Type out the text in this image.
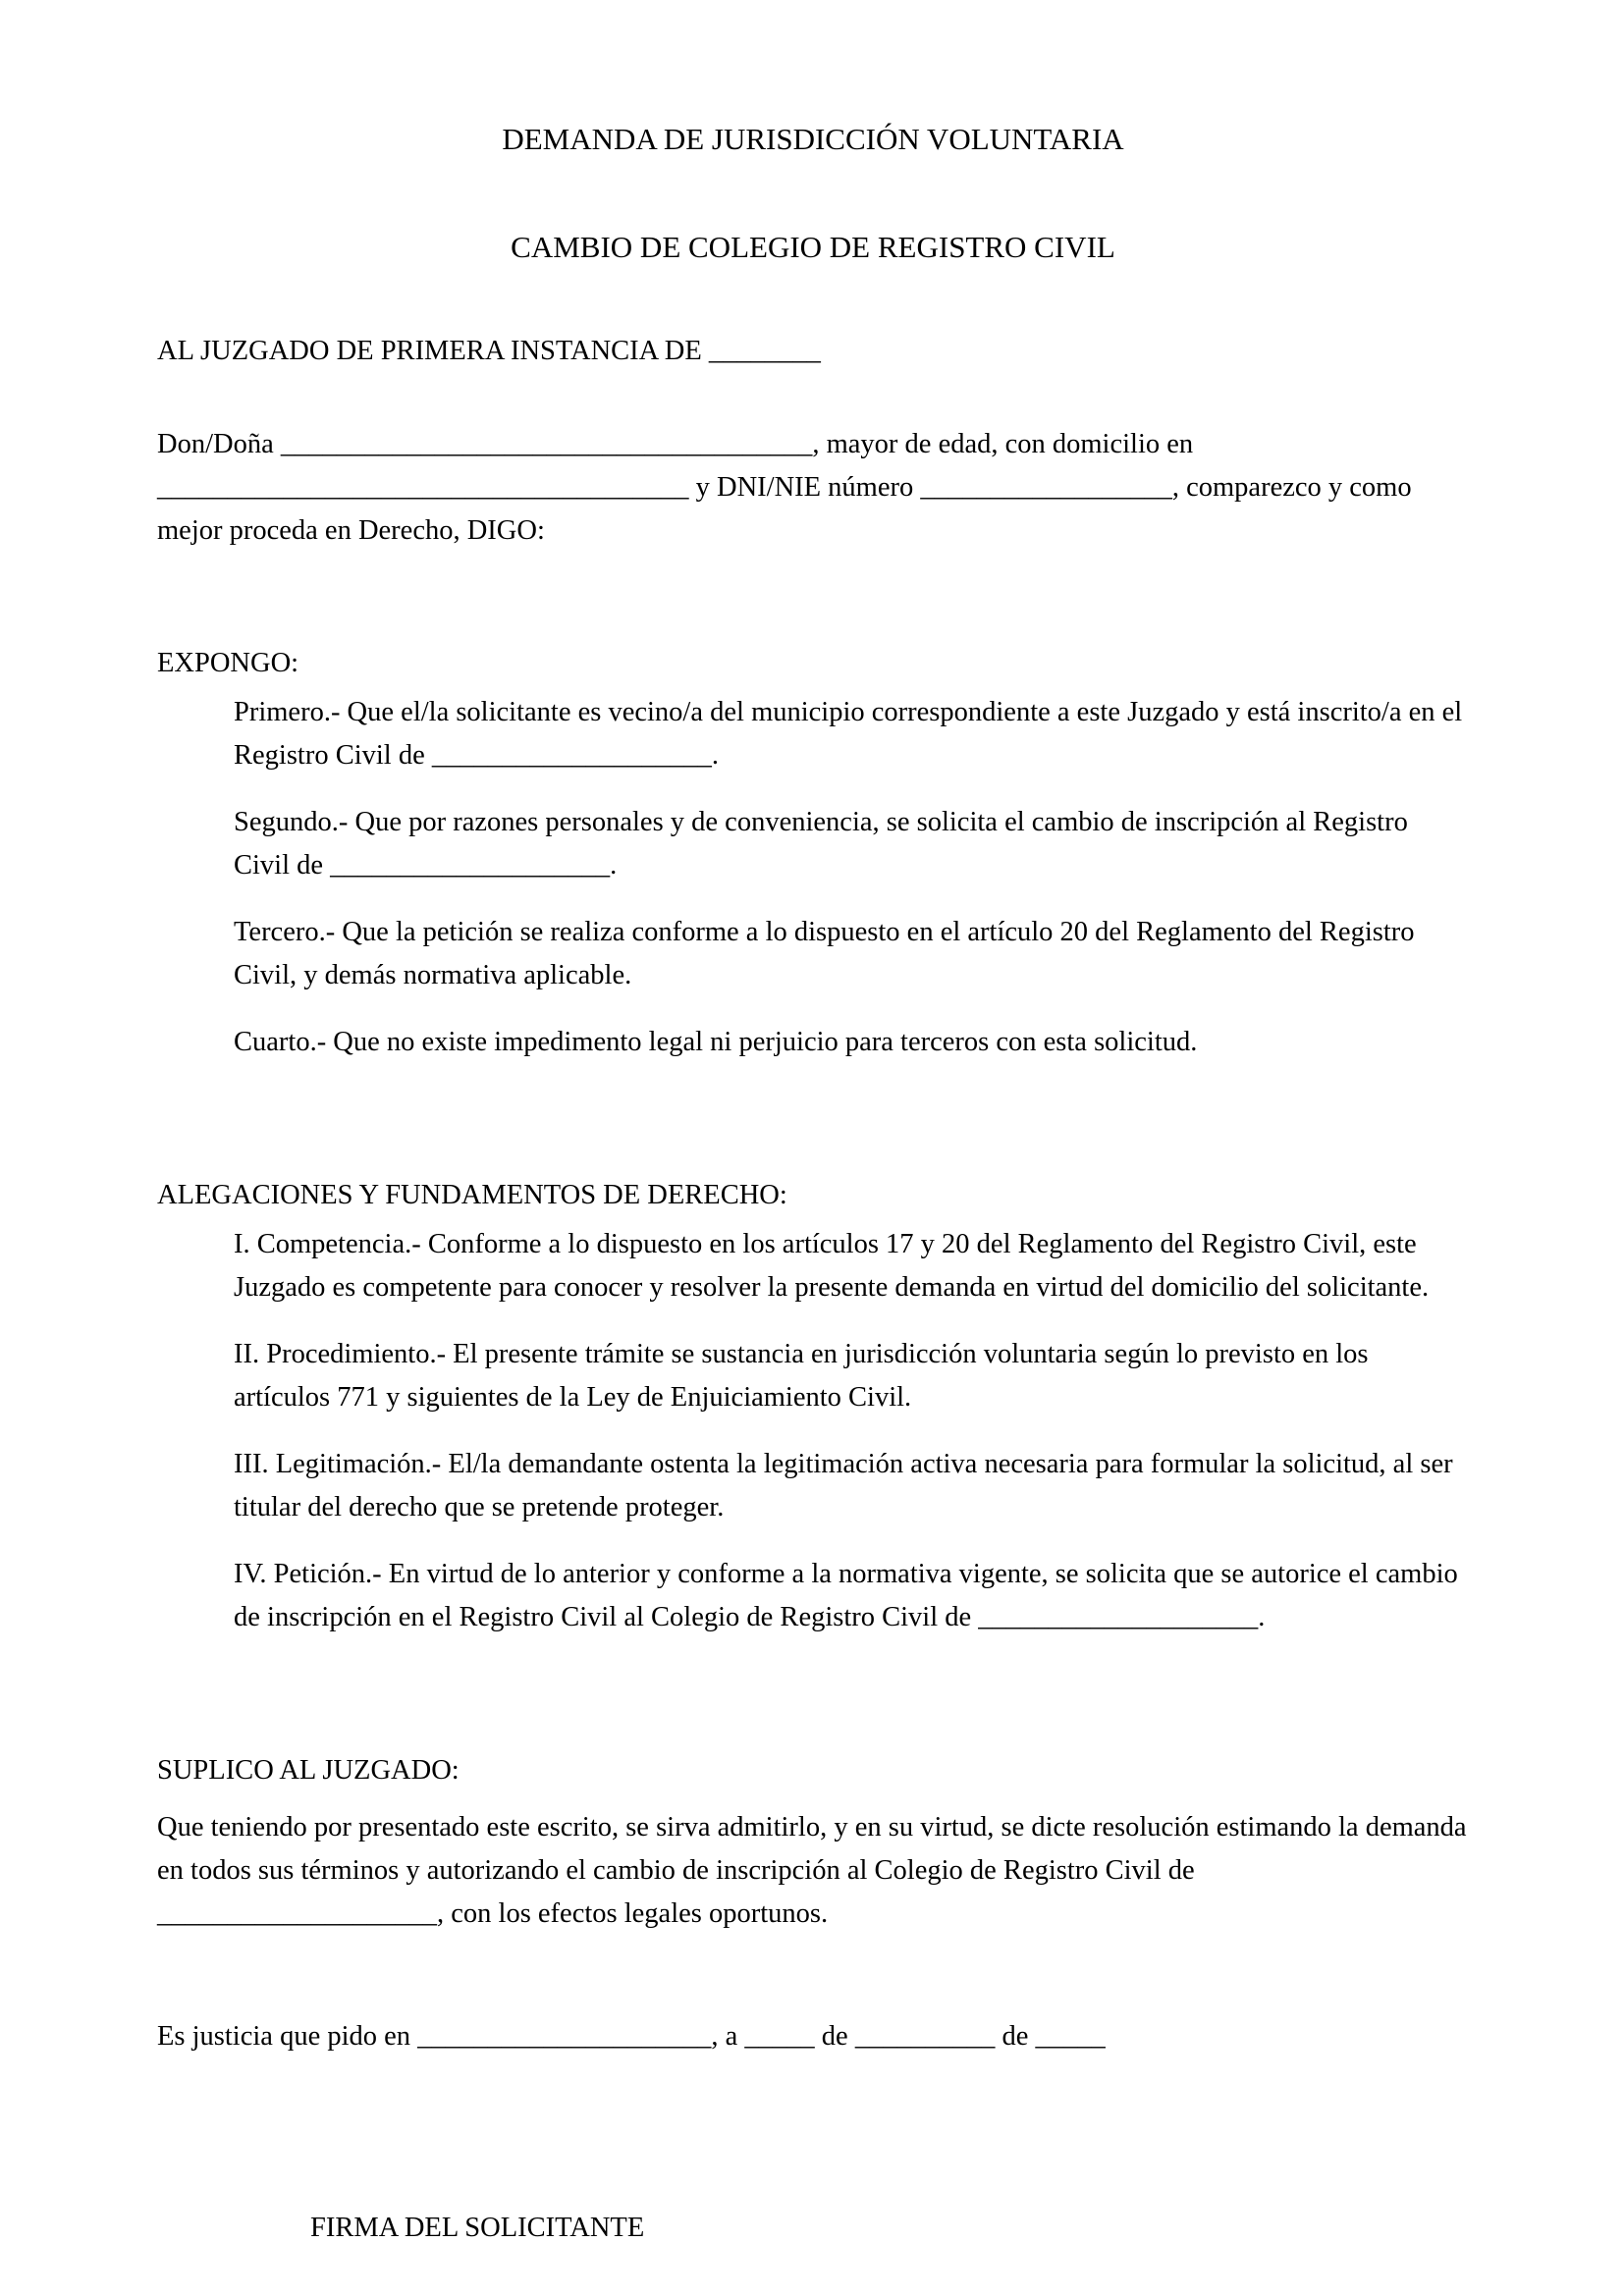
DEMANDA DE JURISDICCIÓN VOLUNTARIA

CAMBIO DE COLEGIO DE REGISTRO CIVIL

AL JUZGADO DE PRIMERA INSTANCIA DE ________

Don/Doña ______________________________________, mayor de edad, con domicilio en ______________________________________ y DNI/NIE número __________________, comparezco y como mejor proceda en Derecho, DIGO:

EXPONGO:

Primero.- Que el/la solicitante es vecino/a del municipio correspondiente a este Juzgado y está inscrito/a en el Registro Civil de ____________________.

Segundo.- Que por razones personales y de conveniencia, se solicita el cambio de inscripción al Registro Civil de ____________________.

Tercero.- Que la petición se realiza conforme a lo dispuesto en el artículo 20 del Reglamento del Registro Civil, y demás normativa aplicable.

Cuarto.- Que no existe impedimento legal ni perjuicio para terceros con esta solicitud.

ALEGACIONES Y FUNDAMENTOS DE DERECHO:

I. Competencia.- Conforme a lo dispuesto en los artículos 17 y 20 del Reglamento del Registro Civil, este Juzgado es competente para conocer y resolver la presente demanda en virtud del domicilio del solicitante.

II. Procedimiento.- El presente trámite se sustancia en jurisdicción voluntaria según lo previsto en los artículos 771 y siguientes de la Ley de Enjuiciamiento Civil.

III. Legitimación.- El/la demandante ostenta la legitimación activa necesaria para formular la solicitud, al ser titular del derecho que se pretende proteger.

IV. Petición.- En virtud de lo anterior y conforme a la normativa vigente, se solicita que se autorice el cambio de inscripción en el Registro Civil al Colegio de Registro Civil de ____________________.

SUPLICO AL JUZGADO:

Que teniendo por presentado este escrito, se sirva admitirlo, y en su virtud, se dicte resolución estimando la demanda en todos sus términos y autorizando el cambio de inscripción al Colegio de Registro Civil de ____________________, con los efectos legales oportunos.

Es justicia que pido en _____________________, a _____ de __________ de _____

FIRMA DEL SOLICITANTE
